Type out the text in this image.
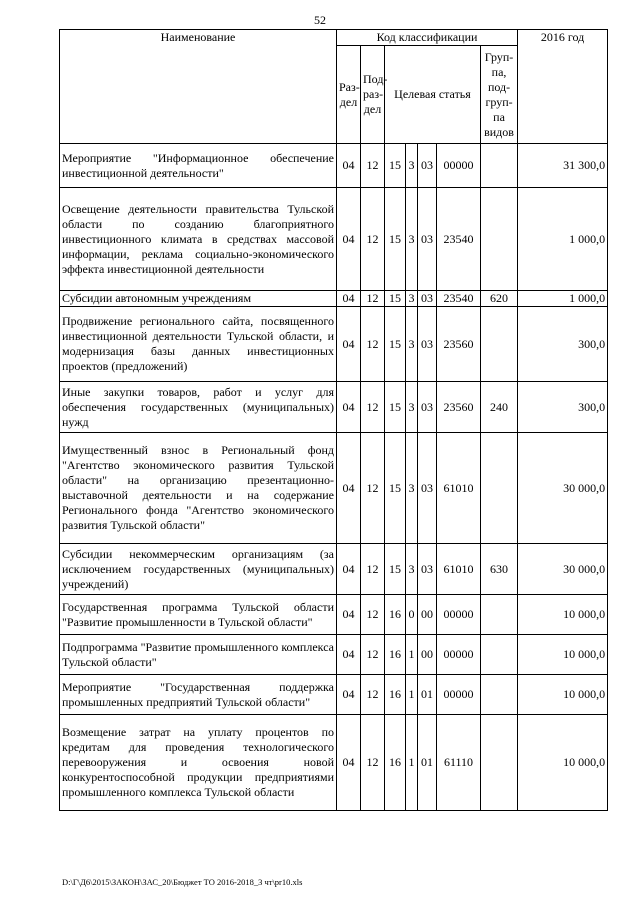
52
Наименование	Код классификации							2016 год
	Раз-дел	Под-раз-дел	Целевая статья				Груп-па, под-груп-па видов	
Мероприятие "Информационное обеспечение инвестиционной деятельности"	04	12	15	3	03	00000		31 300,0
Освещение деятельности правительства Тульской области по созданию благоприятного инвестиционного климата в средствах массовой информации, реклама социально-экономического эффекта инвестиционной деятельности	04	12	15	3	03	23540		1 000,0
Субсидии автономным учреждениям	04	12	15	3	03	23540	620	1 000,0
Продвижение регионального сайта, посвященного инвестиционной деятельности Тульской области, и модернизация базы данных инвестиционных проектов (предложений)	04	12	15	3	03	23560		300,0
Иные закупки товаров, работ и услуг для обеспечения государственных (муниципальных) нужд	04	12	15	3	03	23560	240	300,0
Имущественный взнос в Региональный фонд "Агентство экономического развития Тульской области" на организацию презентационно-выставочной деятельности и на содержание Регионального фонда "Агентство экономического развития Тульской области"	04	12	15	3	03	61010		30 000,0
Субсидии некоммерческим организациям (за исключением государственных (муниципальных) учреждений)	04	12	15	3	03	61010	630	30 000,0
Государственная программа Тульской области "Развитие промышленности в Тульской области"	04	12	16	0	00	00000		10 000,0
Подпрограмма "Развитие промышленного комплекса Тульской области"	04	12	16	1	00	00000		10 000,0
Мероприятие "Государственная поддержка промышленных предприятий Тульской области"	04	12	16	1	01	00000		10 000,0
Возмещение затрат на уплату процентов по кредитам для проведения технологического перевооружения и освоения новой конкурентоспособной продукции предприятиями промышленного комплекса Тульской области	04	12	16	1	01	61110		10 000,0
D:\Г\Д6\2015\ЗАКОН\ЗАС_20\Бюджет ТО 2016-2018_3 чт\pr10.xls
